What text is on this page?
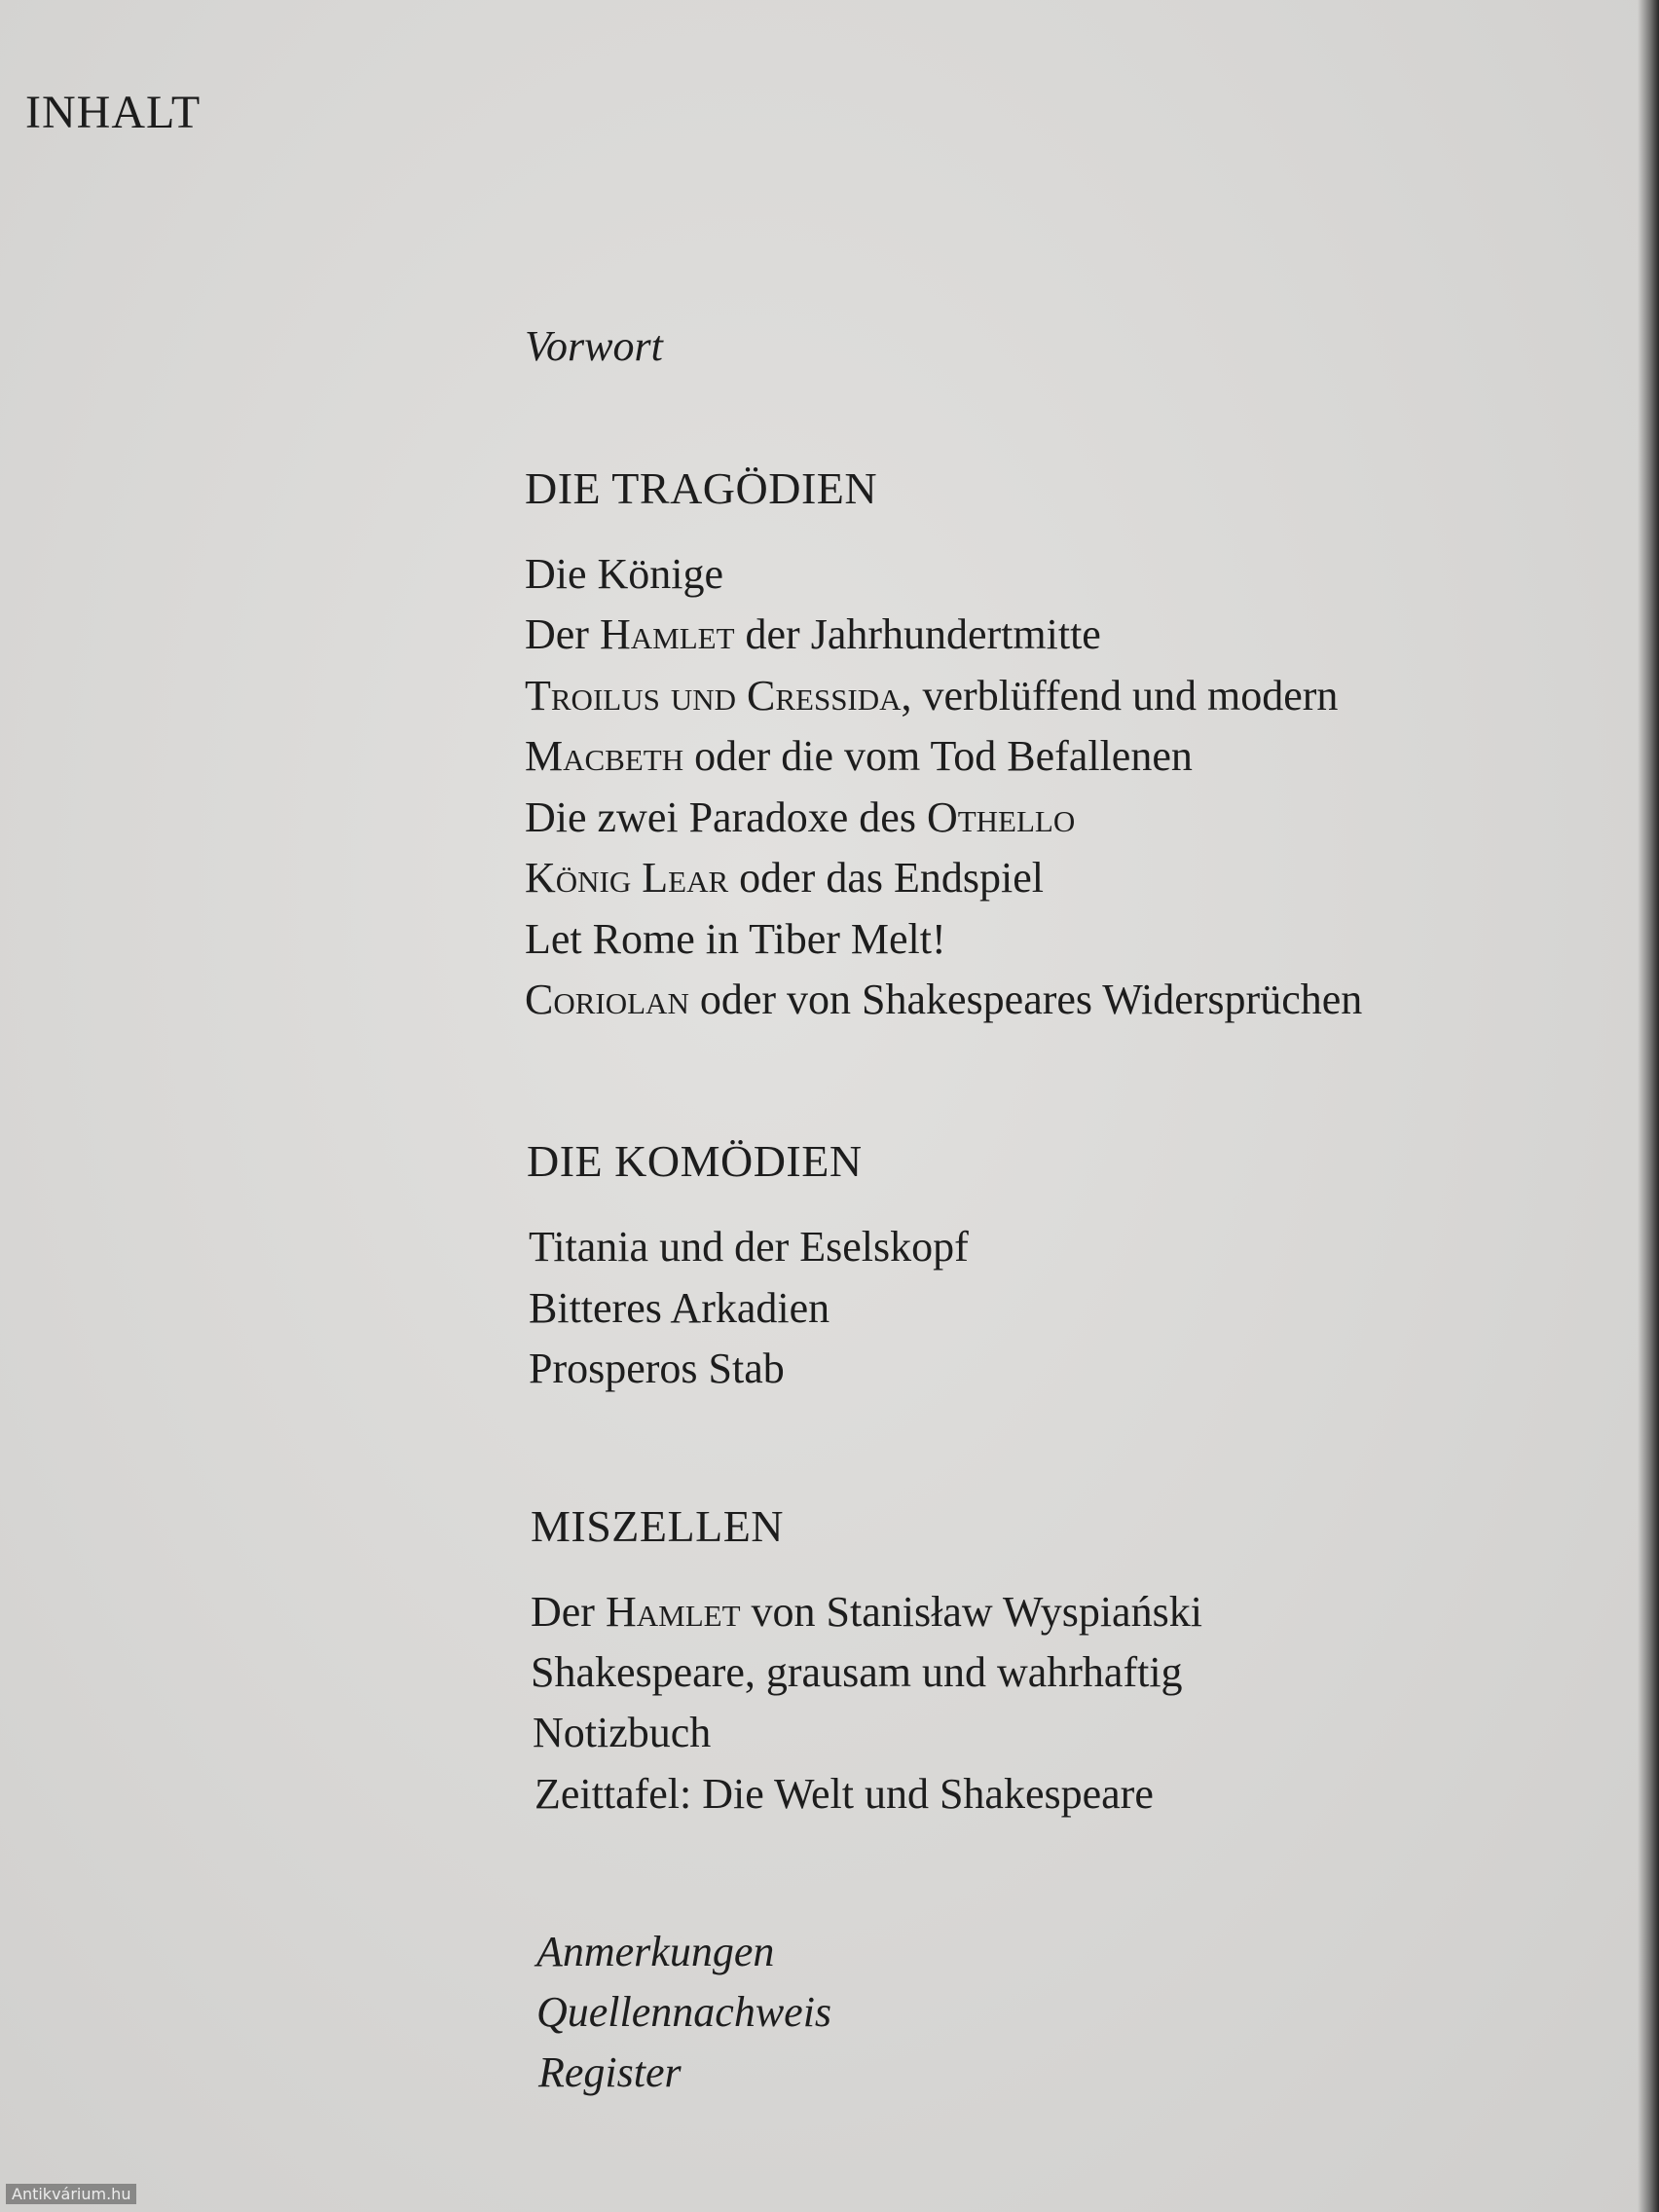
INHALT
Vorwort
DIE TRAGÖDIEN
Die Könige
Der Hamlet der Jahrhundertmitte
Troilus und Cressida, verblüffend und modern
Macbeth oder die vom Tod Befallenen
Die zwei Paradoxe des Othello
König Lear oder das Endspiel
Let Rome in Tiber Melt!
Coriolan oder von Shakespeares Widersprüchen
DIE KOMÖDIEN
Titania und der Eselskopf
Bitteres Arkadien
Prosperos Stab
MISZELLEN
Der Hamlet von Stanisław Wyspiański
Shakespeare, grausam und wahrhaftig
Notizbuch
Zeittafel: Die Welt und Shakespeare
Anmerkungen
Quellennachweis
Register
Antikvárium.hu
